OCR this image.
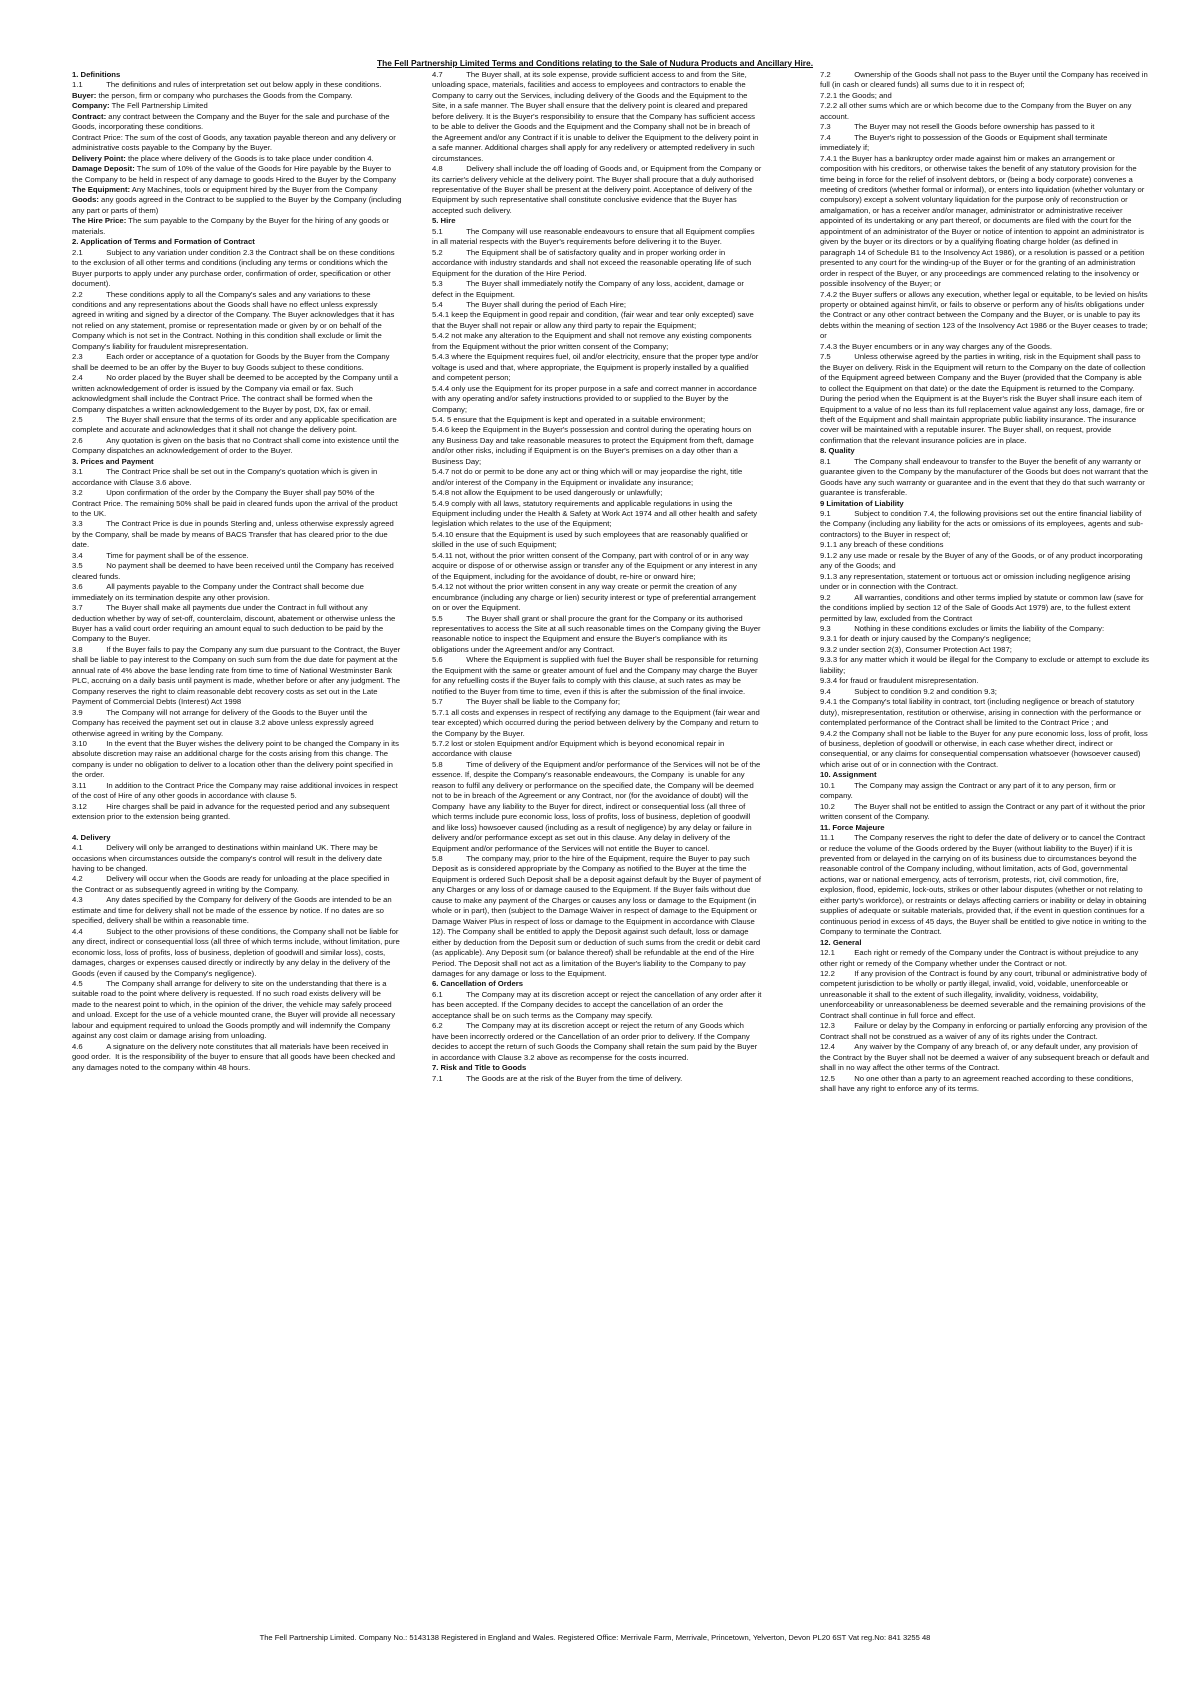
The Fell Partnership Limited Terms and Conditions relating to the Sale of Nudura Products and Ancillary Hire.
1. Definitions
1.1		The definitions and rules of interpretation set out below apply in these conditions.
Buyer: the person, firm or company who purchases the Goods from the Company.
Company: The Fell Partnership Limited
Contract: any contract between the Company and the Buyer for the sale and purchase of the Goods, incorporating these conditions.
Contract Price: The sum of the cost of Goods, any taxation payable thereon and any delivery or administrative costs payable to the Company by the Buyer.
Delivery Point: the place where delivery of the Goods is to take place under condition 4.
Damage Deposit: The sum of 10% of the value of the Goods for Hire payable by the Buyer to the Company to be held in respect of any damage to goods Hired to the Buyer by the Company
The Equipment: Any Machines, tools or equipment hired by the Buyer from the Company
Goods: any goods agreed in the Contract to be supplied to the Buyer by the Company (including any part or parts of them)
The Hire Price: The sum payable to the Company by the Buyer for the hiring of any goods or materials.
2. Application of Terms and Formation of Contract
2.1		Subject to any variation under condition 2.3 the Contract shall be on these conditions to the exclusion of all other terms and conditions (including any terms or conditions which the Buyer purports to apply under any purchase order, confirmation of order, specification or other document).
2.2		These conditions apply to all the Company's sales and any variations to these conditions and any representations about the Goods shall have no effect unless expressly agreed in writing and signed by a director of the Company. The Buyer acknowledges that it has not relied on any statement, promise or representation made or given by or on behalf of the Company which is not set in the Contract. Nothing in this condition shall exclude or limit the Company's liability for fraudulent misrepresentation.
2.3		Each order or acceptance of a quotation for Goods by the Buyer from the Company shall be deemed to be an offer by the Buyer to buy Goods subject to these conditions.
2.4		No order placed by the Buyer shall be deemed to be accepted by the Company until a written acknowledgement of order is issued by the Company via email or fax. Such acknowledgment shall include the Contract Price. The contract shall be formed when the Company dispatches a written acknowledgement to the Buyer by post, DX, fax or email.
2.5		The Buyer shall ensure that the terms of its order and any applicable specification are complete and accurate and acknowledges that it shall not change the delivery point.
2.6		Any quotation is given on the basis that no Contract shall come into existence until the Company dispatches an acknowledgement of order to the Buyer.
3. Prices and Payment
3.1		The Contract Price shall be set out in the Company's quotation which is given in accordance with Clause 3.6 above.
3.2		Upon confirmation of the order by the Company the Buyer shall pay 50% of the Contract Price. The remaining 50% shall be paid in cleared funds upon the arrival of the product to the UK.
3.3		The Contract Price is due in pounds Sterling and, unless otherwise expressly agreed by the Company, shall be made by means of BACS Transfer that has cleared prior to the due date.
3.4		Time for payment shall be of the essence.
3.5		No payment shall be deemed to have been received until the Company has received cleared funds.
3.6		All payments payable to the Company under the Contract shall become due immediately on its termination despite any other provision.
3.7		The Buyer shall make all payments due under the Contract in full without any deduction whether by way of set-off, counterclaim, discount, abatement or otherwise unless the Buyer has a valid court order requiring an amount equal to such deduction to be paid by the Company to the Buyer.
3.8		If the Buyer fails to pay the Company any sum due pursuant to the Contract, the Buyer shall be liable to pay interest to the Company on such sum from the due date for payment at the annual rate of 4% above the base lending rate from time to time of National Westminster Bank PLC, accruing on a daily basis until payment is made, whether before or after any judgment. The Company reserves the right to claim reasonable debt recovery costs as set out in the Late Payment of Commercial Debts (Interest) Act 1998
3.9		The Company will not arrange for delivery of the Goods to the Buyer until the Company has received the payment set out in clause 3.2 above unless expressly agreed otherwise agreed in writing by the Company.
3.10		In the event that the Buyer wishes the delivery point to be changed the Company in its absolute discretion may raise an additional charge for the costs arising from this change. The company is under no obligation to deliver to a location other than the delivery point specified in the order.
3.11		In addition to the Contract Price the Company may raise additional invoices in respect of the cost of Hire of any other goods in accordance with clause 5.
3.12		Hire charges shall be paid in advance for the requested period and any subsequent extension prior to the extension being granted.
4. Delivery
4.1		Delivery will only be arranged to destinations within mainland UK. There may be occasions when circumstances outside the company's control will result in the delivery date having to be changed.
4.2		Delivery will occur when the Goods are ready for unloading at the place specified in the Contract or as subsequently agreed in writing by the Company.
4.3		Any dates specified by the Company for delivery of the Goods are intended to be an estimate and time for delivery shall not be made of the essence by notice. If no dates are so specified, delivery shall be within a reasonable time.
4.4		Subject to the other provisions of these conditions, the Company shall not be liable for any direct, indirect or consequential loss (all three of which terms include, without limitation, pure economic loss, loss of profits, loss of business, depletion of goodwill and similar loss), costs, damages, charges or expenses caused directly or indirectly by any delay in the delivery of the Goods (even if caused by the Company's negligence).
4.5		The Company shall arrange for delivery to site on the understanding that there is a suitable road to the point where delivery is requested. If no such road exists delivery will be made to the nearest point to which, in the opinion of the driver, the vehicle may safely proceed and unload. Except for the use of a vehicle mounted crane, the Buyer will provide all necessary labour and equipment required to unload the Goods promptly and will indemnify the Company against any cost claim or damage arising from unloading.
4.6		A signature on the delivery note constitutes that all materials have been received in good order.  It is the responsibility of the buyer to ensure that all goods have been checked and any damages noted to the company within 48 hours.
4.7		The Buyer shall, at its sole expense, provide sufficient access to and from the Site, unloading space, materials, facilities and access to employees and contractors to enable the Company to carry out the Services, including delivery of the Goods and the Equipment to the Site, in a safe manner. The Buyer shall ensure that the delivery point is cleared and prepared before delivery. It is the Buyer's responsibility to ensure that the Company has sufficient access to be able to deliver the Goods and the Equipment and the Company shall not be in breach of the Agreement and/or any Contract if it is unable to deliver the Equipment to the delivery point in a safe manner. Additional charges shall apply for any redelivery or attempted redelivery in such circumstances.
4.8		Delivery shall include the off loading of Goods and, or Equipment from the Company or its carrier's delivery vehicle at the delivery point. The Buyer shall procure that a duly authorised representative of the Buyer shall be present at the delivery point. Acceptance of delivery of the Equipment by such representative shall constitute conclusive evidence that the Buyer has accepted such delivery.
5. Hire
5.1		The Company will use reasonable endeavours to ensure that all Equipment complies in all material respects with the Buyer's requirements before delivering it to the Buyer.
5.2		The Equipment shall be of satisfactory quality and in proper working order in accordance with industry standards and shall not exceed the reasonable operating life of such Equipment for the duration of the Hire Period.
5.3		The Buyer shall immediately notify the Company of any loss, accident, damage or defect in the Equipment.
5.4		The Buyer shall during the period of Each Hire;
5.4.1 keep the Equipment in good repair and condition, (fair wear and tear only excepted) save that the Buyer shall not repair or allow any third party to repair the Equipment;
5.4.2 not make any alteration to the Equipment and shall not remove any existing components from the Equipment without the prior written consent of the Company;
5.4.3 where the Equipment requires fuel, oil and/or electricity, ensure that the proper type and/or voltage is used and that, where appropriate, the Equipment is properly installed by a qualified and competent person;
5.4.4 only use the Equipment for its proper purpose in a safe and correct manner in accordance with any operating and/or safety instructions provided to or supplied to the Buyer by the Company;
5.4. 5 ensure that the Equipment is kept and operated in a suitable environment;
5.4.6 keep the Equipment in the Buyer's possession and control during the operating hours on any Business Day and take reasonable measures to protect the Equipment from theft, damage and/or other risks, including if Equipment is on the Buyer's premises on a day other than a Business Day;
5.4.7 not do or permit to be done any act or thing which will or may jeopardise the right, title and/or interest of the Company in the Equipment or invalidate any insurance;
5.4.8 not allow the Equipment to be used dangerously or unlawfully;
5.4.9 comply with all laws, statutory requirements and applicable regulations in using the Equipment including under the Health & Safety at Work Act 1974 and all other health and safety legislation which relates to the use of the Equipment;
5.4.10 ensure that the Equipment is used by such employees that are reasonably qualified or skilled in the use of such Equipment;
5.4.11 not, without the prior written consent of the Company, part with control of or in any way acquire or dispose of or otherwise assign or transfer any of the Equipment or any interest in any of the Equipment, including for the avoidance of doubt, re-hire or onward hire;
5.4.12 not without the prior written consent in any way create or permit the creation of any encumbrance (including any charge or lien) security interest or type of preferential arrangement on or over the Equipment.
5.5		The Buyer shall grant or shall procure the grant for the Company or its authorised representatives to access the Site at all such reasonable times on the Company giving the Buyer reasonable notice to inspect the Equipment and ensure the Buyer's compliance with its obligations under the Agreement and/or any Contract.
5.6		Where the Equipment is supplied with fuel the Buyer shall be responsible for returning the Equipment with the same or greater amount of fuel and the Company may charge the Buyer for any refuelling costs if the Buyer fails to comply with this clause, at such rates as may be notified to the Buyer from time to time, even if this is after the submission of the final invoice.
5.7		The Buyer shall be liable to the Company for;
5.7.1 all costs and expenses in respect of rectifying any damage to the Equipment (fair wear and tear excepted) which occurred during the period between delivery by the Company and return to the Company by the Buyer.
5.7.2 lost or stolen Equipment and/or Equipment which is beyond economical repair in accordance with clause
5.8		Time of delivery of the Equipment and/or performance of the Services will not be of the essence. If, despite the Company's reasonable endeavours, the Company  is unable for any reason to fulfil any delivery or performance on the specified date, the Company will be deemed not to be in breach of the Agreement or any Contract, nor (for the avoidance of doubt) will the Company  have any liability to the Buyer for direct, indirect or consequential loss (all three of which terms include pure economic loss, loss of profits, loss of business, depletion of goodwill and like loss) howsoever caused (including as a result of negligence) by any delay or failure in delivery and/or performance except as set out in this clause. Any delay in delivery of the Equipment and/or performance of the Services will not entitle the Buyer to cancel.
5.8		The company may, prior to the hire of the Equipment, require the Buyer to pay such Deposit as is considered appropriate by the Company as notified to the Buyer at the time the Equipment is ordered Such Deposit shall be a deposit against default by the Buyer of payment of any Charges or any loss of or damage caused to the Equipment. If the Buyer fails without due cause to make any payment of the Charges or causes any loss or damage to the Equipment (in whole or in part), then (subject to the Damage Waiver in respect of damage to the Equipment or Damage Waiver Plus in respect of loss or damage to the Equipment in accordance with Clause 12). The Company shall be entitled to apply the Deposit against such default, loss or damage either by deduction from the Deposit sum or deduction of such sums from the credit or debit card (as applicable). Any Deposit sum (or balance thereof) shall be refundable at the end of the Hire Period. The Deposit shall not act as a limitation of the Buyer's liability to the Company to pay damages for any damage or loss to the Equipment.
6. Cancellation of Orders
6.1		The Company may at its discretion accept or reject the cancellation of any order after it has been accepted. If the Company decides to accept the cancellation of an order the acceptance shall be on such terms as the Company may specify.
6.2		The Company may at its discretion accept or reject the return of any Goods which have been incorrectly ordered or the Cancellation of an order prior to delivery. If the Company decides to accept the return of such Goods the Company shall retain the sum paid by the Buyer in accordance with Clause 3.2 above as recompense for the costs incurred.
7. Risk and Title to Goods
7.1		The Goods are at the risk of the Buyer from the time of delivery.
7.2		Ownership of the Goods shall not pass to the Buyer until the Company has received in full (in cash or cleared funds) all sums due to it in respect of;
7.2.1 the Goods; and
7.2.2 all other sums which are or which become due to the Company from the Buyer on any account.
7.3		The Buyer may not resell the Goods before ownership has passed to it
7.4		The Buyer's right to possession of the Goods or Equipment shall terminate immediately if;
7.4.1 the Buyer has a bankruptcy order made against him or makes an arrangement or composition with his creditors, or otherwise takes the benefit of any statutory provision for the time being in force for the relief of insolvent debtors, or (being a body corporate) convenes a meeting of creditors (whether formal or informal), or enters into liquidation (whether voluntary or compulsory) except a solvent voluntary liquidation for the purpose only of reconstruction or amalgamation, or has a receiver and/or manager, administrator or administrative receiver appointed of its undertaking or any part thereof, or documents are filed with the court for the appointment of an administrator of the Buyer or notice of intention to appoint an administrator is given by the buyer or its directors or by a qualifying floating charge holder (as defined in paragraph 14 of Schedule B1 to the Insolvency Act 1986), or a resolution is passed or a petition presented to any court for the winding-up of the Buyer or for the granting of an administration order in respect of the Buyer, or any proceedings are commenced relating to the insolvency or possible insolvency of the Buyer; or
7.4.2 the Buyer suffers or allows any execution, whether legal or equitable, to be levied on his/its property or obtained against him/it, or fails to observe or perform any of his/its obligations under the Contract or any other contract between the Company and the Buyer, or is unable to pay its debts within the meaning of section 123 of the Insolvency Act 1986 or the Buyer ceases to trade; or
7.4.3 the Buyer encumbers or in any way charges any of the Goods.
7.5		Unless otherwise agreed by the parties in writing, risk in the Equipment shall pass to the Buyer on delivery. Risk in the Equipment will return to the Company on the date of collection of the Equipment agreed between Company and the Buyer (provided that the Company is able to collect the Equipment on that date) or the date the Equipment is returned to the Company.
During the period when the Equipment is at the Buyer's risk the Buyer shall insure each item of Equipment to a value of no less than its full replacement value against any loss, damage, fire or theft of the Equipment and shall maintain appropriate public liability insurance. The insurance cover will be maintained with a reputable insurer. The Buyer shall, on request, provide confirmation that the relevant insurance policies are in place.
8. Quality
8.1		The Company shall endeavour to transfer to the Buyer the benefit of any warranty or guarantee given to the Company by the manufacturer of the Goods but does not warrant that the Goods have any such warranty or guarantee and in the event that they do that such warranty or guarantee is transferable.
9 Limitation of Liability
9.1		Subject to condition 7.4, the following provisions set out the entire financial liability of the Company (including any liability for the acts or omissions of its employees, agents and sub-contractors) to the Buyer in respect of;
9.1.1 any breach of these conditions
9.1.2 any use made or resale by the Buyer of any of the Goods, or of any product incorporating any of the Goods; and
9.1.3 any representation, statement or tortuous act or omission including negligence arising under or in connection with the Contract.
9.2		All warranties, conditions and other terms implied by statute or common law (save for the conditions implied by section 12 of the Sale of Goods Act 1979) are, to the fullest extent permitted by law, excluded from the Contract
9.3		Nothing in these conditions excludes or limits the liability of the Company:
9.3.1 for death or injury caused by the Company's negligence;
9.3.2 under section 2(3), Consumer Protection Act 1987;
9.3.3 for any matter which it would be illegal for the Company to exclude or attempt to exclude its liability;
9.3.4 for fraud or fraudulent misrepresentation.
9.4		Subject to condition 9.2 and condition 9.3;
9.4.1 the Company's total liability in contract, tort (including negligence or breach of statutory duty), misrepresentation, restitution or otherwise, arising in connection with the performance or contemplated performance of the Contract shall be limited to the Contract Price ; and
9.4.2 the Company shall not be liable to the Buyer for any pure economic loss, loss of profit, loss of business, depletion of goodwill or otherwise, in each case whether direct, indirect or consequential, or any claims for consequential compensation whatsoever (howsoever caused) which arise out of or in connection with the Contract.
10. Assignment
10.1		The Company may assign the Contract or any part of it to any person, firm or company.
10.2		The Buyer shall not be entitled to assign the Contract or any part of it without the prior written consent of the Company.
11. Force Majeure
11.1		The Company reserves the right to defer the date of delivery or to cancel the Contract or reduce the volume of the Goods ordered by the Buyer (without liability to the Buyer) if it is prevented from or delayed in the carrying on of its business due to circumstances beyond the reasonable control of the Company including, without limitation, acts of God, governmental actions, war or national emergency, acts of terrorism, protests, riot, civil commotion, fire, explosion, flood, epidemic, lock-outs, strikes or other labour disputes (whether or not relating to either party's workforce), or restraints or delays affecting carriers or inability or delay in obtaining supplies of adequate or suitable materials, provided that, if the event in question continues for a continuous period in excess of 45 days, the Buyer shall be entitled to give notice in writing to the Company to terminate the Contract.
12. General
12.1		Each right or remedy of the Company under the Contract is without prejudice to any other right or remedy of the Company whether under the Contract or not.
12.2		If any provision of the Contract is found by any court, tribunal or administrative body of competent jurisdiction to be wholly or partly illegal, invalid, void, voidable, unenforceable or unreasonable it shall to the extent of such illegality, invalidity, voidness, voidability, unenforceability or unreasonableness be deemed severable and the remaining provisions of the Contract shall continue in full force and effect.
12.3		Failure or delay by the Company in enforcing or partially enforcing any provision of the Contract shall not be construed as a waiver of any of its rights under the Contract.
12.4		Any waiver by the Company of any breach of, or any default under, any provision of the Contract by the Buyer shall not be deemed a waiver of any subsequent breach or default and shall in no way affect the other terms of the Contract.
12.5		No one other than a party to an agreement reached according to these conditions, shall have any right to enforce any of its terms.
The Fell Partnership Limited. Company No.: 5143138 Registered in England and Wales. Registered Office: Merrivale Farm, Merrivale, Princetown, Yelverton, Devon PL20 6ST Vat reg.No: 841 3255 48
